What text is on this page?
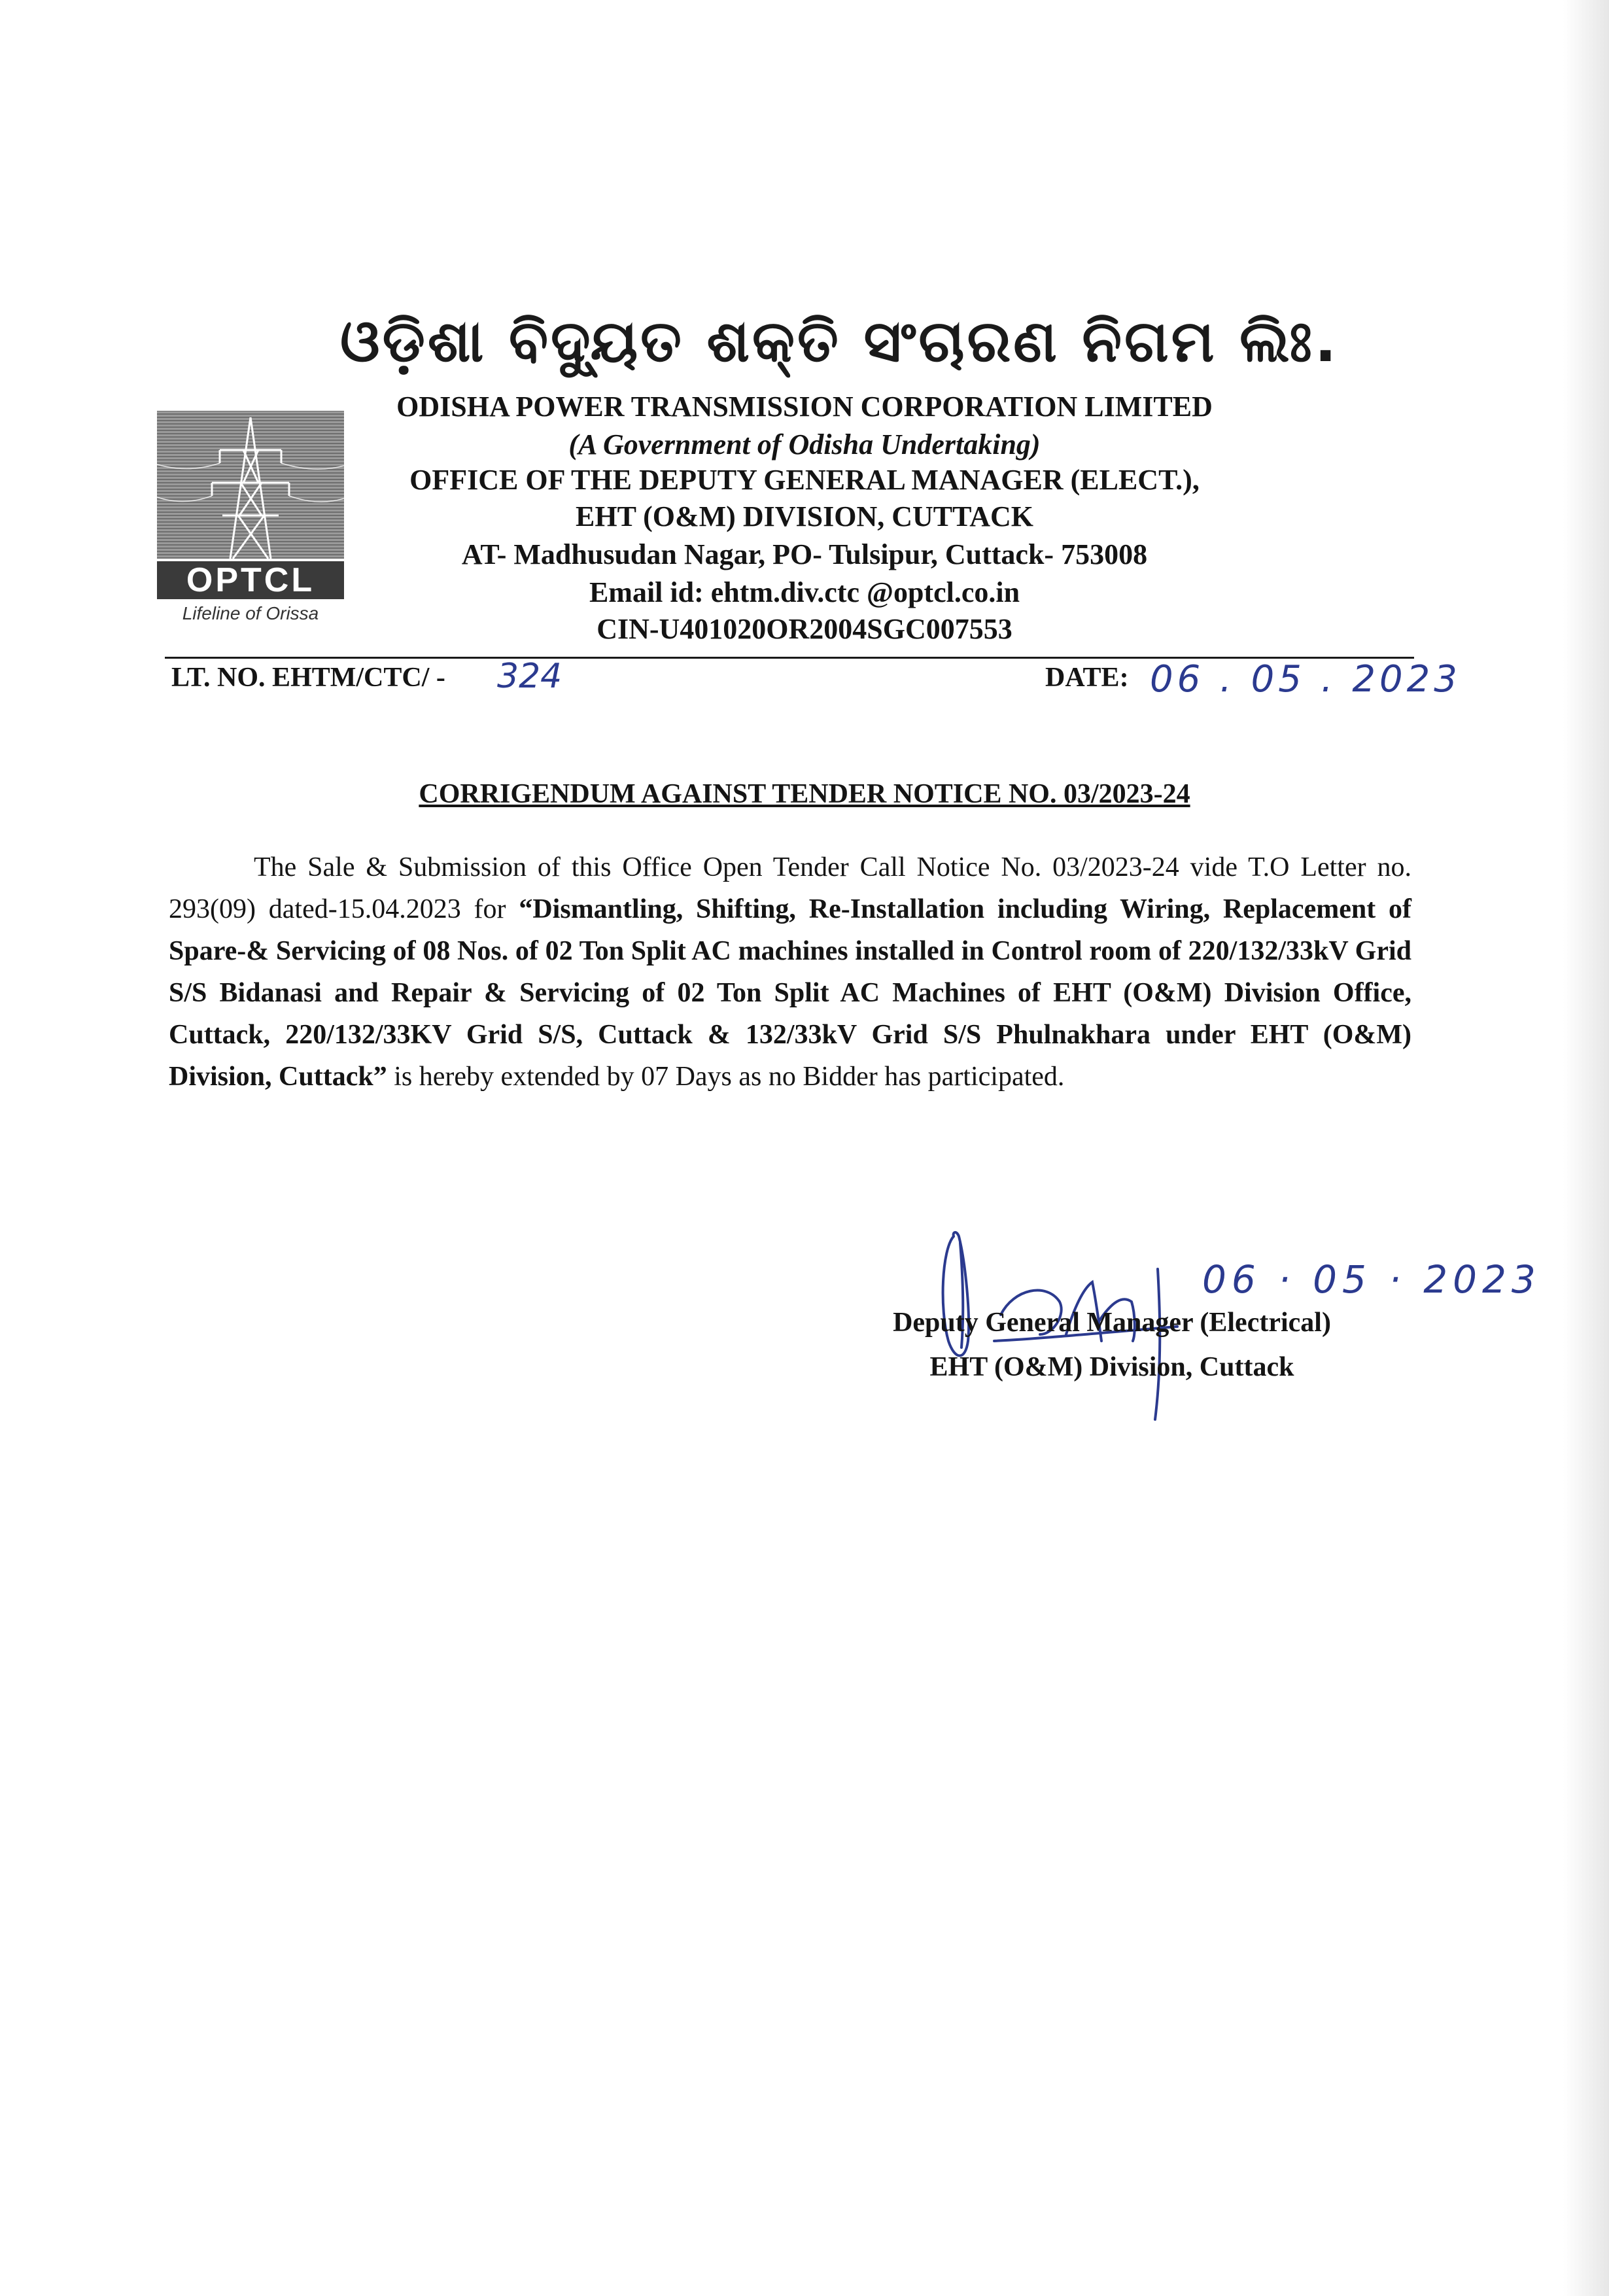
ଓଡ଼ିଶା ବିଦ୍ୟୁତ ଶକ୍ତି ସଂଚାରଣ ନିଗମ ଲିଃ.
OPTCL
Lifeline of Orissa
ODISHA POWER TRANSMISSION CORPORATION LIMITED
(A Government of Odisha Undertaking)
OFFICE OF THE DEPUTY GENERAL MANAGER (ELECT.),
EHT (O&M) DIVISION, CUTTACK
AT- Madhusudan Nagar, PO- Tulsipur, Cuttack- 753008
Email id: ehtm.div.ctc @optcl.co.in
CIN-U401020OR2004SGC007553
LT. NO. EHTM/CTC/ - 324	DATE: 06 . 05 . 2023
CORRIGENDUM AGAINST TENDER NOTICE NO. 03/2023-24
The Sale & Submission of this Office Open Tender Call Notice No. 03/2023-24 vide T.O Letter no. 293(09) dated-15.04.2023 for “Dismantling, Shifting, Re-Installation including Wiring, Replacement of Spare-& Servicing of 08 Nos. of 02 Ton Split AC machines installed in Control room of 220/132/33kV Grid S/S Bidanasi and Repair & Servicing of 02 Ton Split AC Machines of EHT (O&M) Division Office, Cuttack, 220/132/33KV Grid S/S, Cuttack & 132/33kV Grid S/S Phulnakhara under EHT (O&M) Division, Cuttack” is hereby extended by 07 Days as no Bidder has participated.
06 · 05 · 2023
Deputy General Manager (Electrical)
EHT (O&M) Division, Cuttack
